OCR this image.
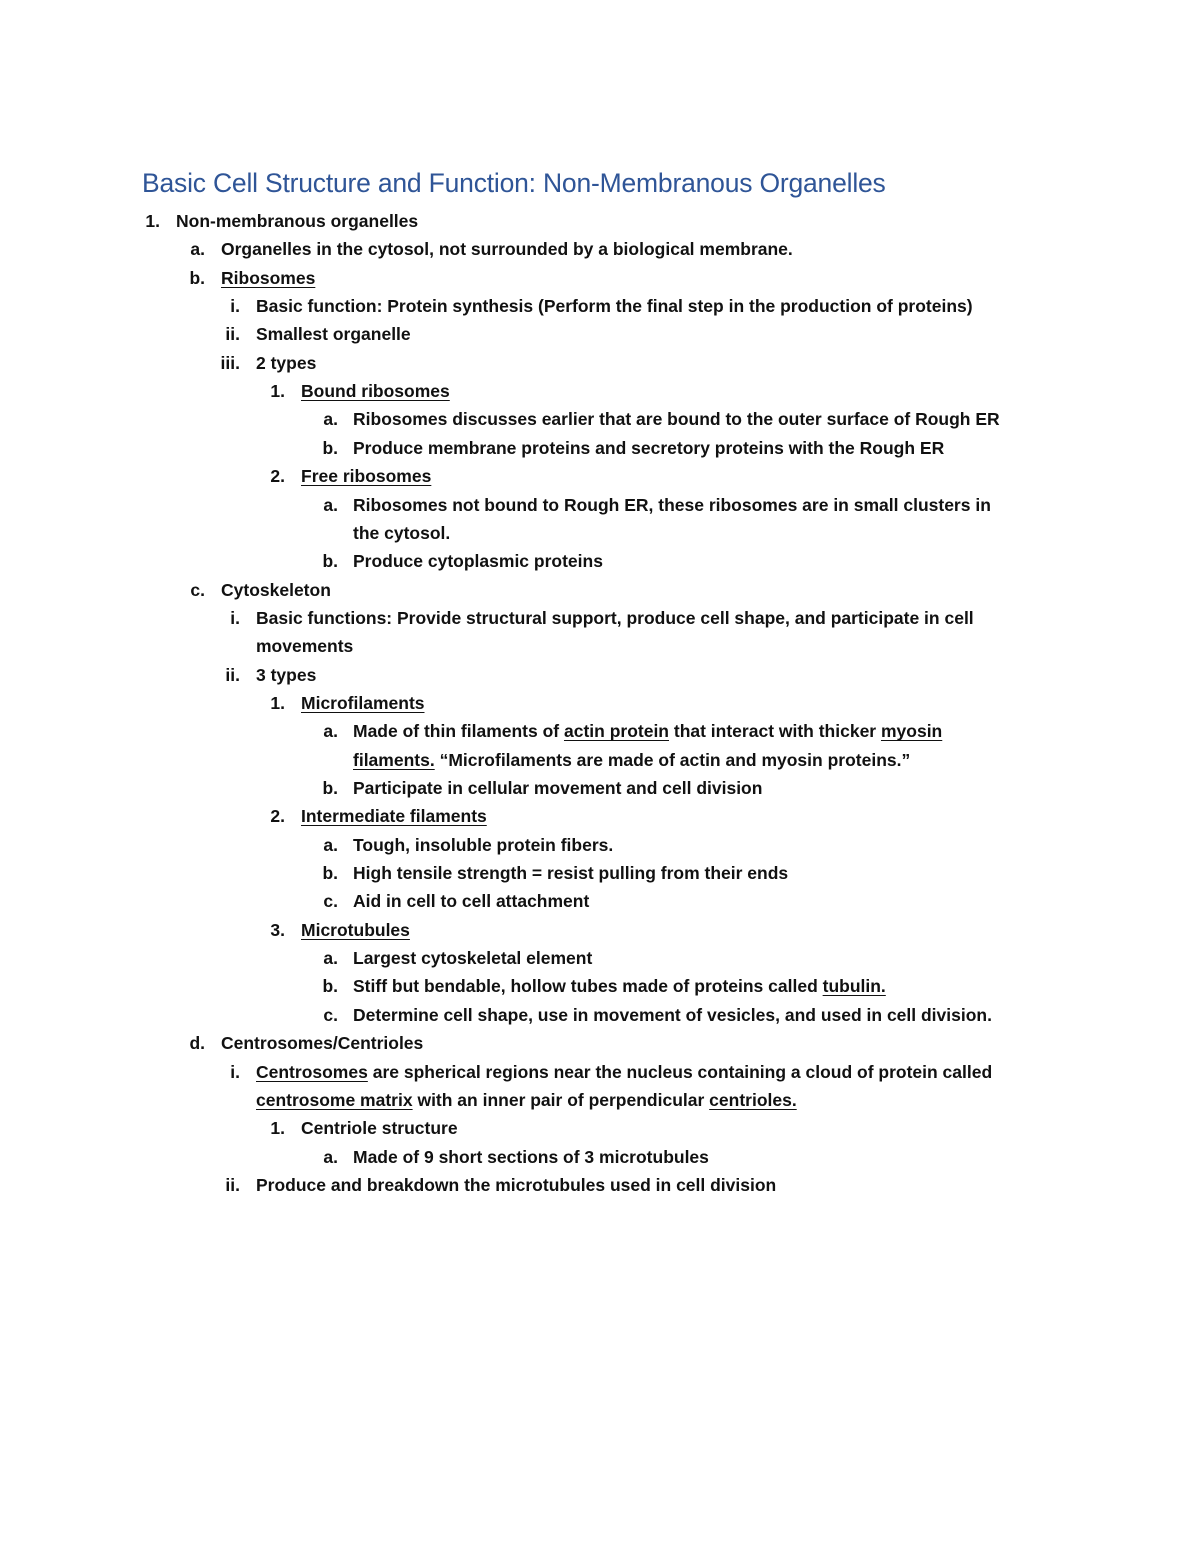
Basic Cell Structure and Function: Non-Membranous Organelles
1. Non-membranous organelles
a. Organelles in the cytosol, not surrounded by a biological membrane.
b. Ribosomes
i. Basic function: Protein synthesis (Perform the final step in the production of proteins)
ii. Smallest organelle
iii. 2 types
1. Bound ribosomes
a. Ribosomes discusses earlier that are bound to the outer surface of Rough ER
b. Produce membrane proteins and secretory proteins with the Rough ER
2. Free ribosomes
a. Ribosomes not bound to Rough ER, these ribosomes are in small clusters in
the cytosol.
b. Produce cytoplasmic proteins
c. Cytoskeleton
i. Basic functions: Provide structural support, produce cell shape, and participate in cell
movements
ii. 3 types
1. Microfilaments
a. Made of thin filaments of actin protein that interact with thicker myosin
filaments. “Microfilaments are made of actin and myosin proteins.”
b. Participate in cellular movement and cell division
2. Intermediate filaments
a. Tough, insoluble protein fibers.
b. High tensile strength = resist pulling from their ends
c. Aid in cell to cell attachment
3. Microtubules
a. Largest cytoskeletal element
b. Stiff but bendable, hollow tubes made of proteins called tubulin.
c. Determine cell shape, use in movement of vesicles, and used in cell division.
d. Centrosomes/Centrioles
i. Centrosomes are spherical regions near the nucleus containing a cloud of protein called
centrosome matrix with an inner pair of perpendicular centrioles.
1. Centriole structure
a. Made of 9 short sections of 3 microtubules
ii. Produce and breakdown the microtubules used in cell division
